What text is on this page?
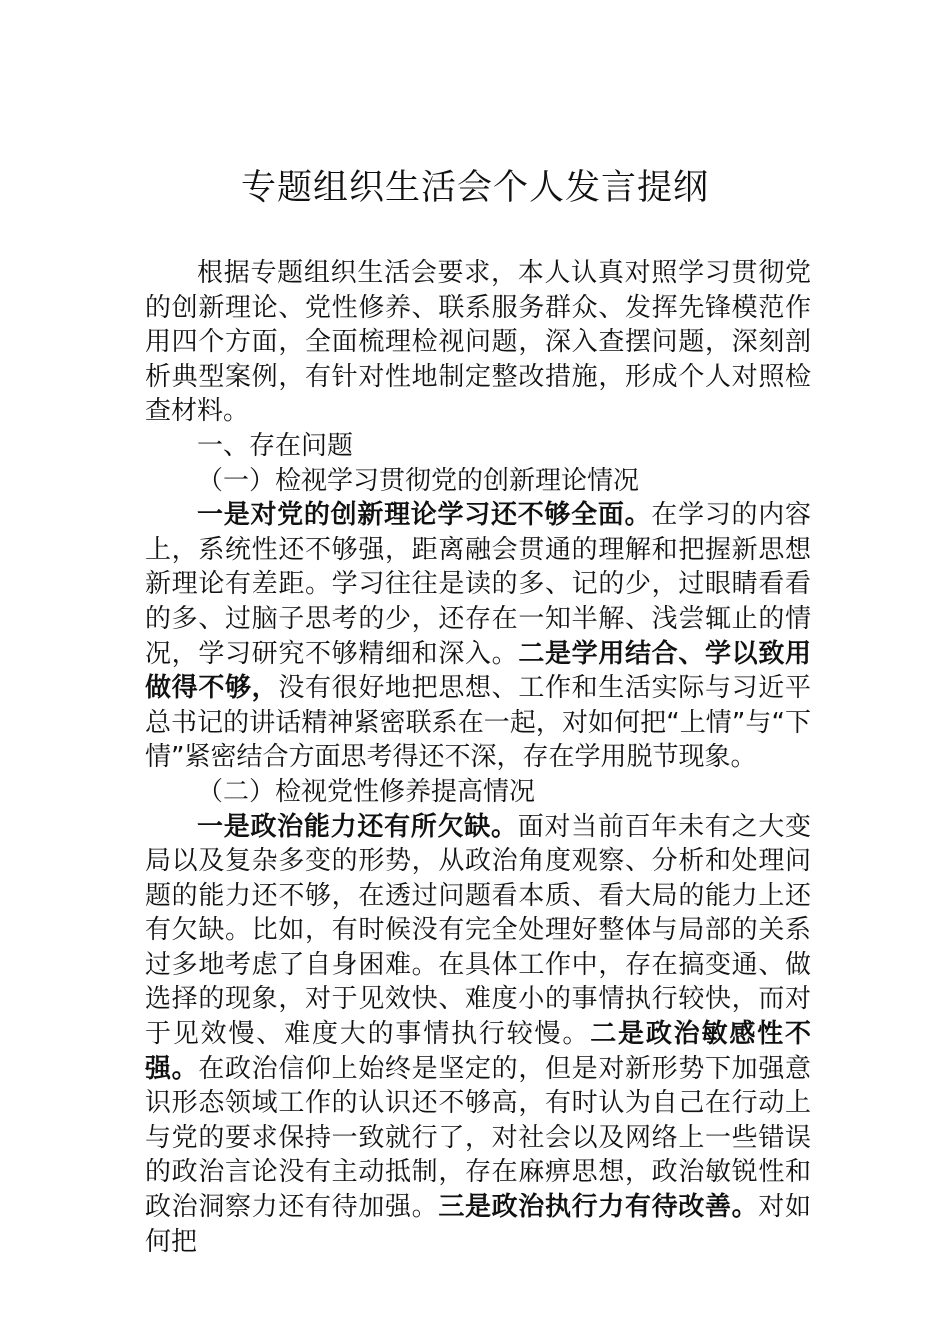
专题组织生活会个人发言提纲

根据专题组织生活会要求，本人认真对照学习贯彻党的创新理论、党性修养、联系服务群众、发挥先锋模范作用四个方面，全面梳理检视问题，深入查摆问题，深刻剖析典型案例，有针对性地制定整改措施，形成个人对照检查材料。

一、存在问题

（一）检视学习贯彻党的创新理论情况

一是对党的创新理论学习还不够全面。在学习的内容上，系统性还不够强，距离融会贯通的理解和把握新思想新理论有差距。学习往往是读的多、记的少，过眼睛看看的多、过脑子思考的少，还存在一知半解、浅尝辄止的情况，学习研究不够精细和深入。二是学用结合、学以致用做得不够，没有很好地把思想、工作和生活实际与习近平总书记的讲话精神紧密联系在一起，对如何把“上情”与“下情”紧密结合方面思考得还不深，存在学用脱节现象。

（二）检视党性修养提高情况

一是政治能力还有所欠缺。面对当前百年未有之大变局以及复杂多变的形势，从政治角度观察、分析和处理问题的能力还不够，在透过问题看本质、看大局的能力上还有欠缺。比如，有时候没有完全处理好整体与局部的关系过多地考虑了自身困难。在具体工作中，存在搞变通、做选择的现象，对于见效快、难度小的事情执行较快，而对于见效慢、难度大的事情执行较慢。二是政治敏感性不强。在政治信仰上始终是坚定的，但是对新形势下加强意识形态领域工作的认识还不够高，有时认为自己在行动上与党的要求保持一致就行了，对社会以及网络上一些错误的政治言论没有主动抵制，存在麻痹思想，政治敏锐性和政治洞察力还有待加强。三是政治执行力有待改善。对如何把
